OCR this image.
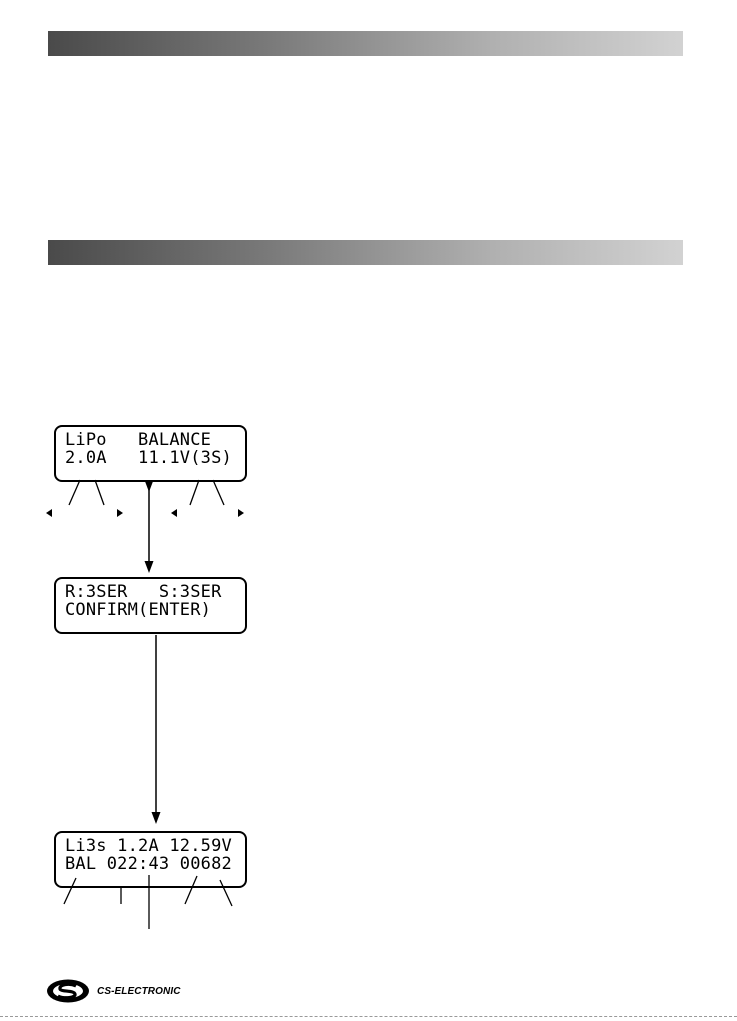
LiPo   BALANCE
2.0A   11.1V(3S)
R:3SER   S:3SER
CONFIRM(ENTER)
Li3s 1.2A 12.59V
BAL 022:43 00682
CS-ELECTRONIC
